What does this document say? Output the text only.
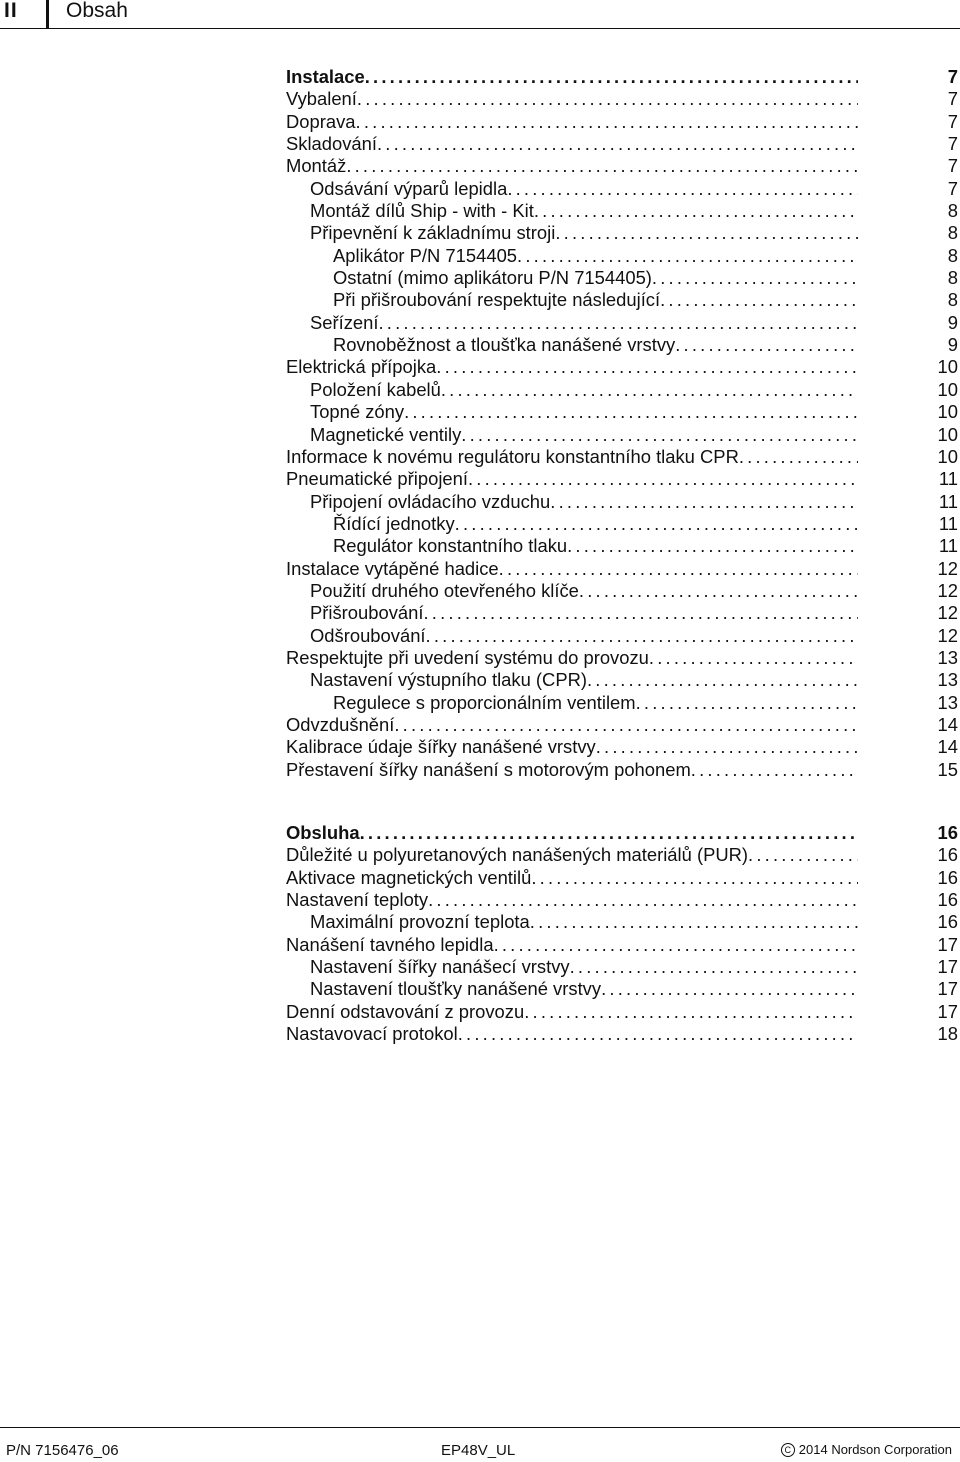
II Obsah
Instalace .....	7
Vybalení .....	7
Doprava .....	7
Skladování .....	7
Montáž .....	7
Odsávání výparů lepidla .....	7
Montáž dílů Ship - with - Kit .....	8
Připevnění k základnímu stroji .....	8
Aplikátor P/N 7154405 .....	8
Ostatní (mimo aplikátoru P/N 7154405) .....	8
Při přišroubování respektujte následující .....	8
Seřízení .....	9
Rovnoběžnost a tloušťka nanášené vrstvy .....	9
Elektrická přípojka .....	10
Položení kabelů .....	10
Topné zóny .....	10
Magnetické ventily .....	10
Informace k novému regulátoru konstantního tlaku CPR .....	10
Pneumatické připojení .....	11
Připojení ovládacího vzduchu .....	11
Řídící jednotky .....	11
Regulátor konstantního tlaku .....	11
Instalace vytápěné hadice .....	12
Použití druhého otevřeného klíče .....	12
Přišroubování .....	12
Odšroubování .....	12
Respektujte při uvedení systému do provozu .....	13
Nastavení výstupního tlaku (CPR) .....	13
Regulece s proporcionálním ventilem .....	13
Odvzdušnění .....	14
Kalibrace údaje šířky nanášené vrstvy .....	14
Přestavení šířky nanášení s motorovým pohonem .....	15
Obsluha .....	16
Důležité u polyuretanových nanášených materiálů (PUR) .....	16
Aktivace magnetických ventilů .....	16
Nastavení teploty .....	16
Maximální provozní teplota .....	16
Nanášení tavného lepidla .....	17
Nastavení šířky nanášecí vrstvy .....	17
Nastavení tloušťky nanášené vrstvy .....	17
Denní odstavování z provozu .....	17
Nastavovací protokol .....	18
P/N 7156476_06	EP48V_UL	C 2014 Nordson Corporation
